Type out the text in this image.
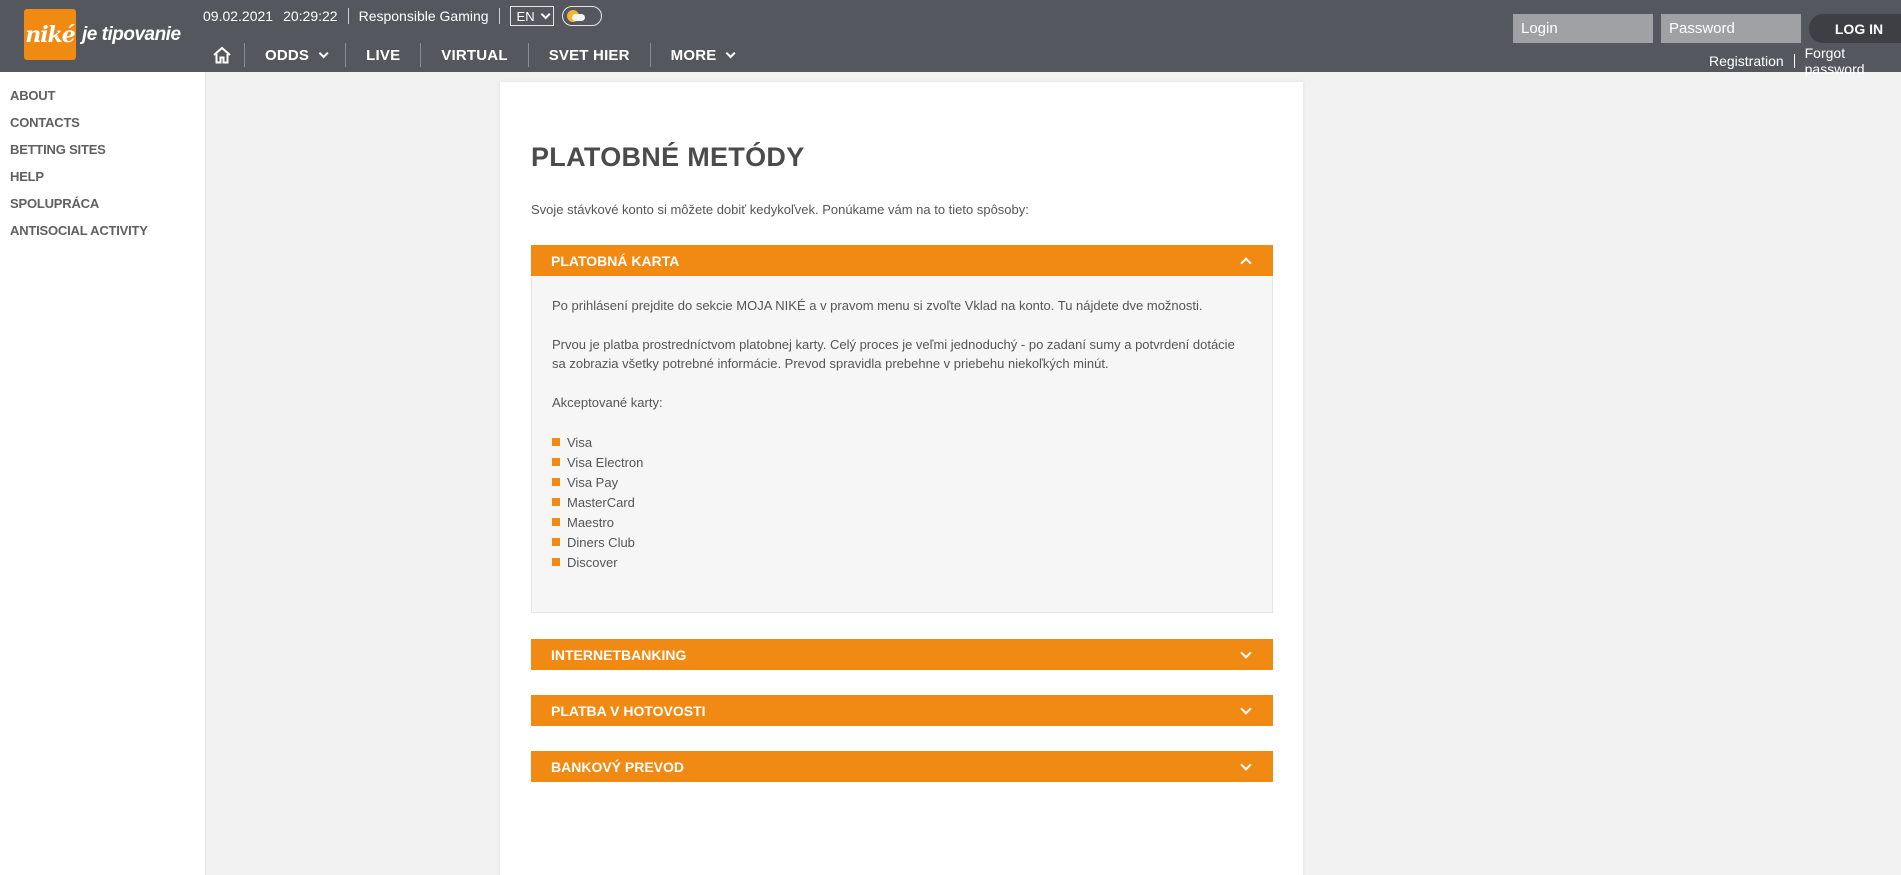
niké je tipovanie
09.02.2021 20:29:22 Responsible Gaming EN
ODDS	LIVE	VIRTUAL	SVET HIER	MORE
Login
LOG IN
Registration Forgot password
ABOUT
CONTACTS
BETTING SITES
HELP
SPOLUPRÁCA
ANTISOCIAL ACTIVITY
PLATOBNÉ METÓDY
Svoje stávkové konto si môžete dobiť kedykoľvek. Ponúkame vám na to tieto spôsoby:
PLATOBNÁ KARTA

Po prihlásení prejdite do sekcie MOJA NIKÉ a v pravom menu si zvoľte Vklad na konto. Tu nájdete dve možnosti.

Prvou je platba prostredníctvom platobnej karty. Celý proces je veľmi jednoduchý - po zadaní sumy a potvrdení dotácie sa zobrazia všetky potrebné informácie. Prevod spravidla prebehne v priebehu niekoľkých minút.

Akceptované karty:

Visa
Visa Electron
Visa Pay
MasterCard
Maestro
Diners Club
Discover
INTERNETBANKING
PLATBA V HOTOVOSTI
BANKOVÝ PREVOD
